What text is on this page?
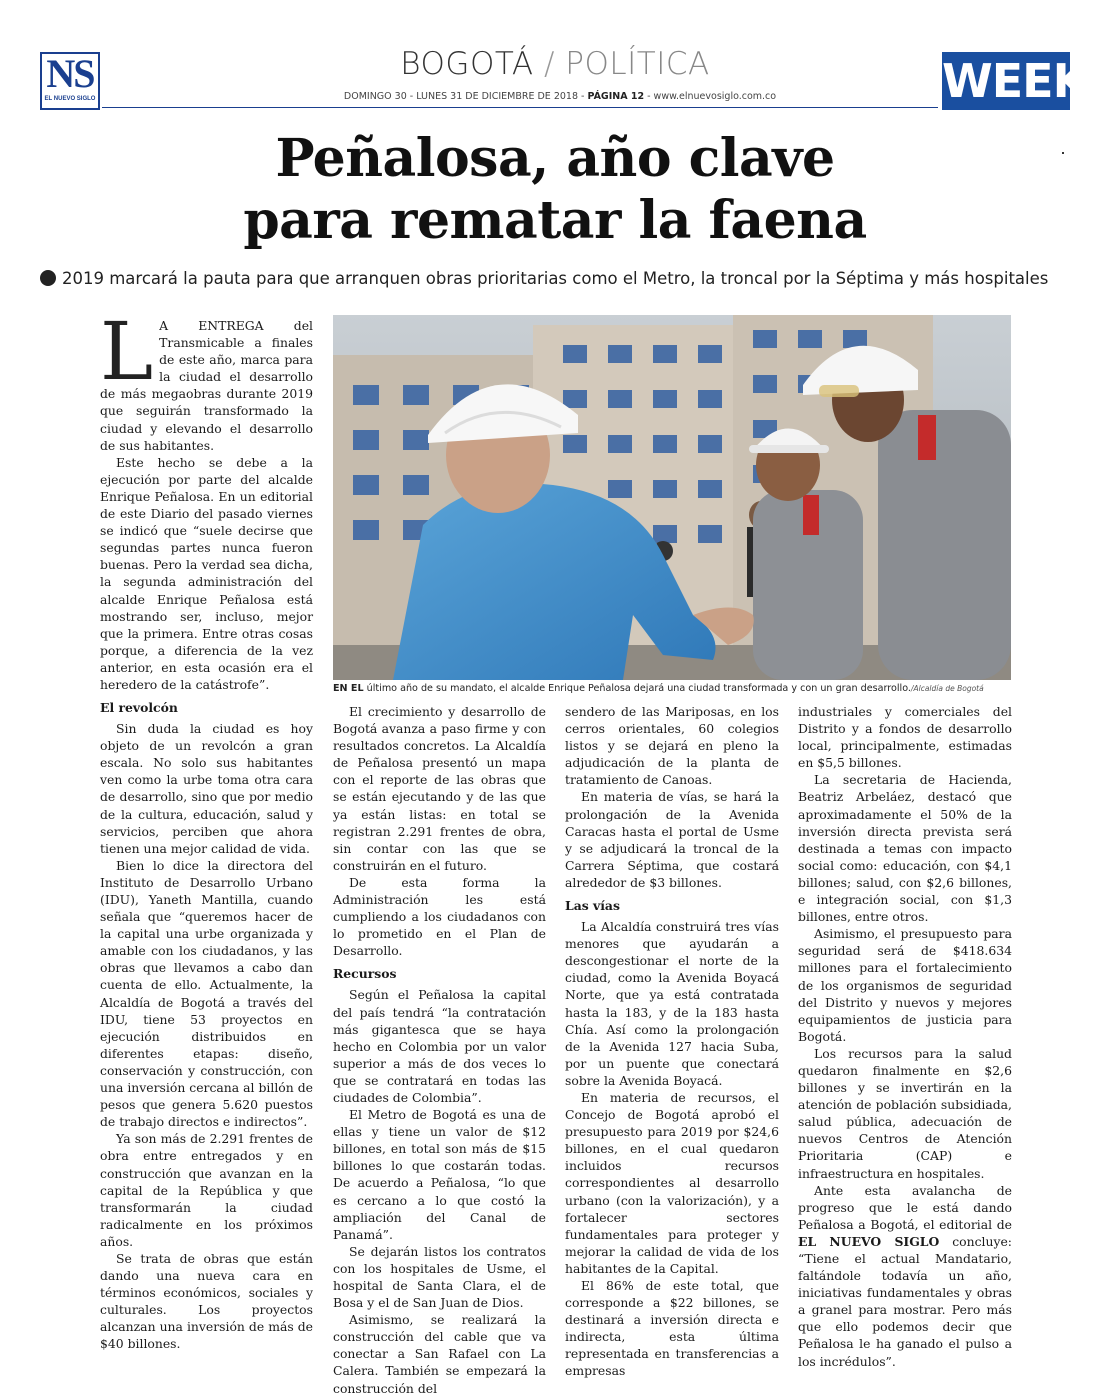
NS
EL NUEVO SIGLO
BOGOTÁ / POLÍTICA
DOMINGO 30 - LUNES 31 DE DICIEMBRE DE 2018 - PÁGINA 12 - www.elnuevosiglo.com.co	WEEK
Peñalosa, año clave
para rematar la faena
2019 marcará la pauta para que arranquen obras prioritarias como el Metro, la troncal por la Séptima y más hospitales
EN EL último año de su mandato, el alcalde Enrique Peñalosa dejará una ciudad transformada y con un gran desarrollo./Alcaldía de Bogotá
L A ENTREGA del Transmicable a finales de este año, marca para la ciudad el desarrollo de más megaobras durante 2019 que seguirán transformado la ciudad y elevando el desarrollo de sus habitantes.

Este hecho se debe a la ejecución por parte del alcalde Enrique Peñalosa. En un editorial de este Diario del pasado viernes se indicó que “suele decirse que segundas partes nunca fueron buenas. Pero la verdad sea dicha, la segunda administración del alcalde Enrique Peñalosa está mostrando ser, incluso, mejor que la primera. Entre otras cosas porque, a diferencia de la vez anterior, en esta ocasión era el heredero de la catástrofe”.

El revolcón

Sin duda la ciudad es hoy objeto de un revolcón a gran escala. No solo sus habitantes ven como la urbe toma otra cara de desarrollo, sino que por medio de la cultura, educación, salud y servicios, perciben que ahora tienen una mejor calidad de vida.

Bien lo dice la directora del Instituto de Desarrollo Urbano (IDU), Yaneth Mantilla, cuando señala que “queremos hacer de la capital una urbe organizada y amable con los ciudadanos, y las obras que llevamos a cabo dan cuenta de ello. Actualmente, la Alcaldía de Bogotá a través del IDU, tiene 53 proyectos en ejecución distribuidos en diferentes etapas: diseño, conservación y construcción, con una inversión cercana al billón de pesos que genera 5.620 puestos de trabajo directos e indirectos”.

Ya son más de 2.291 frentes de obra entre entregados y en construcción que avanzan en la capital de la República y que transformarán la ciudad radicalmente en los próximos años.

Se trata de obras que están dando una nueva cara en términos económicos, sociales y culturales. Los proyectos alcanzan una inversión de más de $40 billones.

El crecimiento y desarrollo de Bogotá avanza a paso firme y con resultados concretos. La Alcaldía de Peñalosa presentó un mapa con el reporte de las obras que se están ejecutando y de las que ya están listas: en total se registran 2.291 frentes de obra, sin contar con las que se construirán en el futuro.

De esta forma la Administración les está cumpliendo a los ciudadanos con lo prometido en el Plan de Desarrollo.

Recursos

Según el Peñalosa la capital del país tendrá “la contratación más gigantesca que se haya hecho en Colombia por un valor superior a más de dos veces lo que se contratará en todas las ciudades de Colombia”.

El Metro de Bogotá es una de ellas y tiene un valor de $12 billones, en total son más de $15 billones lo que costarán todas. De acuerdo a Peñalosa, “lo que es cercano a lo que costó la ampliación del Canal de Panamá”.

Se dejarán listos los contratos con los hospitales de Usme, el hospital de Santa Clara, el de Bosa y el de San Juan de Dios.

Asimismo, se realizará la construcción del cable que va conectar a San Rafael con La Calera. También se empezará la construcción del

sendero de las Mariposas, en los cerros orientales, 60 colegios listos y se dejará en pleno la adjudicación de la planta de tratamiento de Canoas.

En materia de vías, se hará la prolongación de la Avenida Caracas hasta el portal de Usme y se adjudicará la troncal de la Carrera Séptima, que costará alrededor de $3 billones.

Las vías

La Alcaldía construirá tres vías menores que ayudarán a descongestionar el norte de la ciudad, como la Avenida Boyacá Norte, que ya está contratada hasta la 183, y de la 183 hasta Chía. Así como la prolongación de la Avenida 127 hacia Suba, por un puente que conectará sobre la Avenida Boyacá.

En materia de recursos, el Concejo de Bogotá aprobó el presupuesto para 2019 por $24,6 billones, en el cual quedaron incluidos recursos correspondientes al desarrollo urbano (con la valorización), y a fortalecer sectores fundamentales para proteger y mejorar la calidad de vida de los habitantes de la Capital.

El 86% de este total, que corresponde a $22 billones, se destinará a inversión directa e indirecta, esta última representada en transferencias a empresas

industriales y comerciales del Distrito y a fondos de desarrollo local, principalmente, estimadas en $5,5 billones.

La secretaria de Hacienda, Beatriz Arbeláez, destacó que aproximadamente el 50% de la inversión directa prevista será destinada a temas con impacto social como: educación, con $4,1 billones; salud, con $2,6 billones, e integración social, con $1,3 billones, entre otros.

Asimismo, el presupuesto para seguridad será de $418.634 millones para el fortalecimiento de los organismos de seguridad del Distrito y nuevos y mejores equipamientos de justicia para Bogotá.

Los recursos para la salud quedaron finalmente en $2,6 billones y se invertirán en la atención de población subsidiada, salud pública, adecuación de nuevos Centros de Atención Prioritaria (CAP) e infraestructura en hospitales.

Ante esta avalancha de progreso que le está dando Peñalosa a Bogotá, el editorial de EL NUEVO SIGLO concluye: “Tiene el actual Mandatario, faltándole todavía un año, iniciativas fundamentales y obras a granel para mostrar. Pero más que ello podemos decir que Peñalosa le ha ganado el pulso a los incrédulos”.
